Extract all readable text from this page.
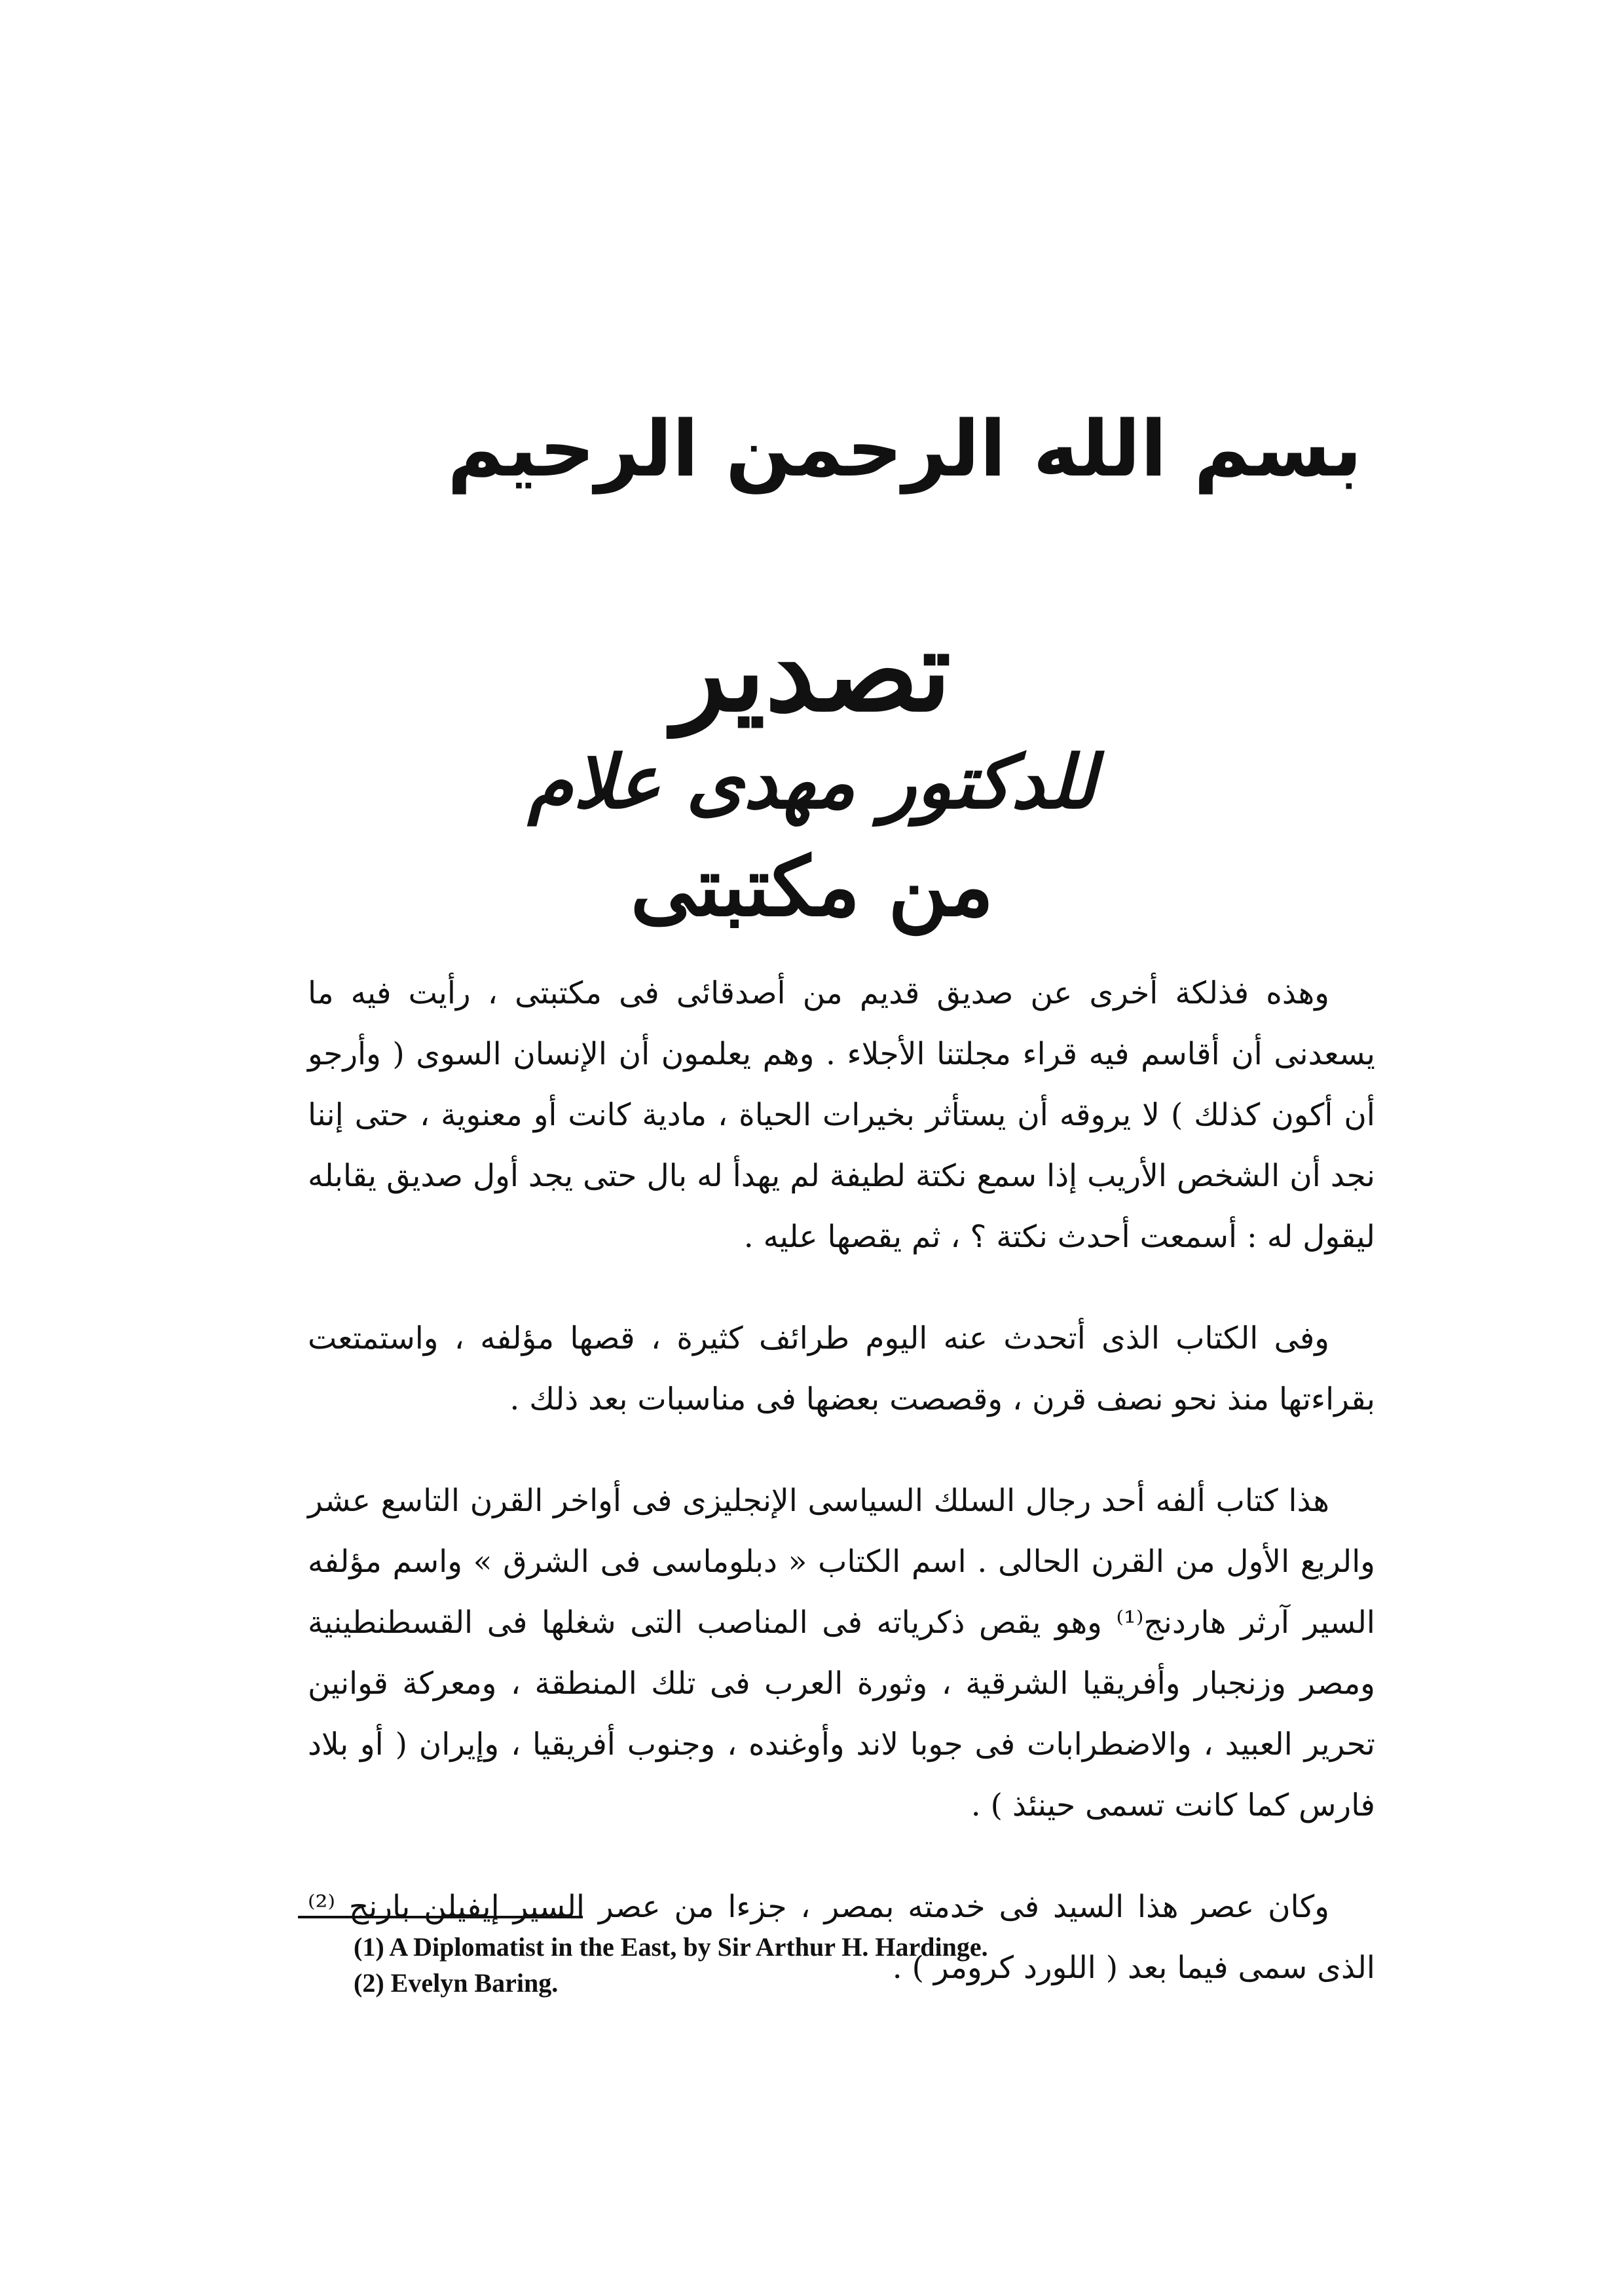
بسم الله الرحمن الرحيم
تصدير
للدكتور مهدى علام
من مكتبتى

وهذه فذلكة أخرى عن صديق قديم من أصدقائى فى مكتبتى ، رأيت فيه ما يسعدنى أن أقاسم فيه قراء مجلتنا الأجلاء . وهم يعلمون أن الإنسان السوى ( وأرجو أن أكون كذلك ) لا يروقه أن يستأثر بخيرات الحياة ، مادية كانت أو معنوية ، حتى إننا نجد أن الشخص الأريب إذا سمع نكتة لطيفة لم يهدأ له بال حتى يجد أول صديق يقابله ليقول له : أسمعت أحدث نكتة ؟ ، ثم يقصها عليه .

وفى الكتاب الذى أتحدث عنه اليوم طرائف كثيرة ، قصها مؤلفه ، واستمتعت بقراءتها منذ نحو نصف قرن ، وقصصت بعضها فى مناسبات بعد ذلك .

هذا كتاب ألفه أحد رجال السلك السياسى الإنجليزى فى أواخر القرن التاسع عشر والربع الأول من القرن الحالى . اسم الكتاب « دبلوماسى فى الشرق » واسم مؤلفه السير آرثر هاردنج⁽¹⁾ وهو يقص ذكرياته فى المناصب التى شغلها فى القسطنطينية ومصر وزنجبار وأفريقيا الشرقية ، وثورة العرب فى تلك المنطقة ، ومعركة قوانين تحرير العبيد ، والاضطرابات فى جوبا لاند وأوغنده ، وجنوب أفريقيا ، وإيران ( أو بلاد فارس كما كانت تسمى حينئذ ) .

وكان عصر هذا السيد فى خدمته بمصر ، جزءا من عصر السير إيفيلن بارنج ⁽²⁾ الذى سمى فيما بعد ( اللورد كرومر ) .

(1) A Diplomatist in the East, by Sir Arthur H. Hardinge.

(2) Evelyn Baring.
